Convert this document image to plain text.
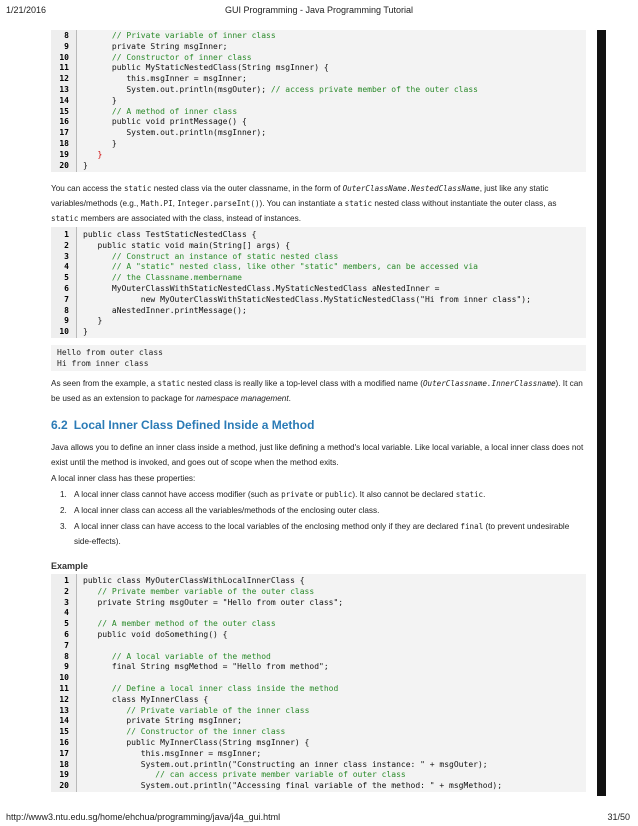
1/21/2016	GUI Programming - Java Programming Tutorial
8	// Private variable of inner class
9 private String msgInner;
10	// Constructor of inner class
11 public MyStaticNestedClass(String msgInner) {
12 this.msgInner = msgInner;
13 System.out.println(msgOuter); // access private member of the outer class
14 }
15	// A method of inner class
16 public void printMessage() {
17 System.out.println(msgInner);
18 }
19	}
20 }
You can access the static nested class via the outer classname, in the form of OuterClassName.NestedClassName, just like any static variables/methods (e.g., Math.PI, Integer.parseInt()). You can instantiate a static nested class without instantiate the outer class, as static members are associated with the class, instead of instances.
1 public class TestStaticNestedClass {
2 public static void main(String[] args) {
3	// Construct an instance of static nested class
4	// A "static" nested class, like other "static" members, can be accessed via
5	// the Classname.membername
6 MyOuterClassWithStaticNestedClass.MyStaticNestedClass aNestedInner =
7 new MyOuterClassWithStaticNestedClass.MyStaticNestedClass("Hi from inner class");
8 aNestedInner.printMessage();
9 }
10 }
Hello from outer class
Hi from inner class
As seen from the example, a static nested class is really like a top-level class with a modified name (OuterClassname.InnerClassname). It can be used as an extension to package for namespace management.
6.2 Local Inner Class Defined Inside a Method
Java allows you to define an inner class inside a method, just like defining a method's local variable. Like local variable, a local inner class does not exist until the method is invoked, and goes out of scope when the method exits.
A local inner class has these properties:
1. A local inner class cannot have access modifier (such as private or public). It also cannot be declared static.
2. A local inner class can access all the variables/methods of the enclosing outer class.
3. A local inner class can have access to the local variables of the enclosing method only if they are declared final (to prevent undesirable side-effects).
Example
1 public class MyOuterClassWithLocalInnerClass {
2	// Private member variable of the outer class
3 private String msgOuter = "Hello from outer class";
4
5	// A member method of the outer class
6 public void doSomething() {
7
8	// A local variable of the method
9 final String msgMethod = "Hello from method";
10
11	// Define a local inner class inside the method
12 class MyInnerClass {
13	// Private variable of the inner class
14 private String msgInner;
15	// Constructor of the inner class
16 public MyInnerClass(String msgInner) {
17 this.msgInner = msgInner;
18 System.out.println("Constructing an inner class instance: " + msgOuter);
19	// can access private member variable of outer class
20 System.out.println("Accessing final variable of the method: " + msgMethod);
http://www3.ntu.edu.sg/home/ehchua/programming/java/j4a_gui.html	31/50
